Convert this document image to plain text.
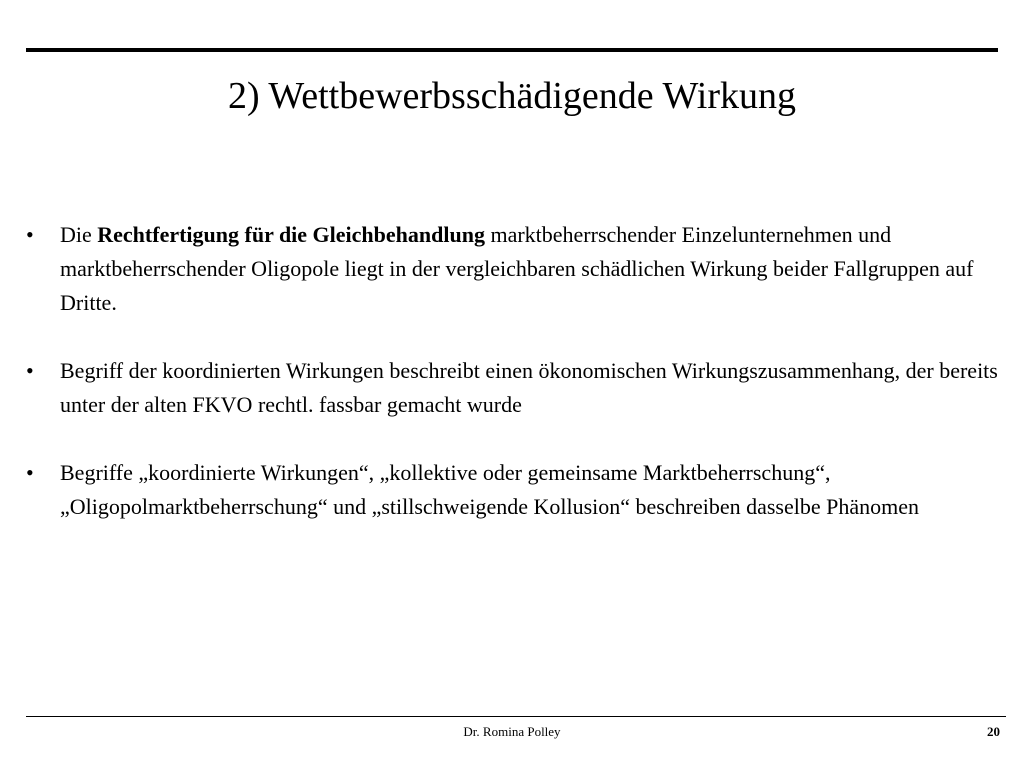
2) Wettbewerbsschädigende Wirkung
•	Die Rechtfertigung für die Gleichbehandlung marktbeherrschender Einzelunternehmen und marktbeherrschender Oligopole liegt in der vergleichbaren schädlichen Wirkung beider Fallgruppen auf Dritte.
•	Begriff der koordinierten Wirkungen beschreibt einen ökonomischen Wirkungszusammenhang, der bereits unter der alten FKVO rechtl. fassbar gemacht wurde
•	Begriffe „koordinierte Wirkungen“, „kollektive oder gemeinsame Marktbeherrschung“, „Oligopolmarktbeherrschung“ und „stillschweigende Kollusion“ beschreiben dasselbe Phänomen
Dr. Romina Polley	20
